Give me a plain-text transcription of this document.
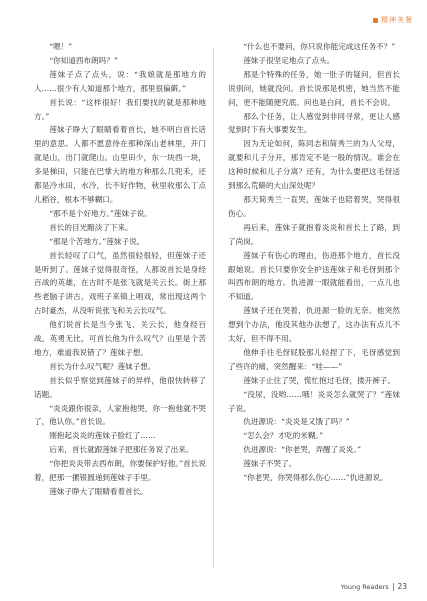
精神美餐

“嗯！”

“你知道西布朗吗？”

莲妹子点了点头，说：“我娘就是那地方的人……很少有人知道那个地方，那里很偏僻。”

首长说：“这样很好！我们要找的就是那种地方。”

莲妹子睁大了眼睛看着首长，她不明白首长话里的意思。人都不愿意待在那种深山老林里，开门就是山，出门就爬山。山里田少，东一块西一块，多是梯田，只能在巴掌大的地方种那么几兜禾，还都是冷水田，水冷，长不好作物，秋里收那么丁点儿稻谷，根本不够糊口。

“那不是个好地方。”莲妹子说。

首长的目光黯淡了下来。

“那是个苦地方。”莲妹子说。

首长轻叹了口气，虽然很轻很轻，但莲妹子还是听到了。莲妹子觉得很奇怪，人都说首长是身经百战的英雄，在古时不是张飞就是关云长。街上那些老脑子讲古，戏班子来镇上唱戏，常出现这两个古时豪杰，从没听说张飞和关云长叹气。

他们说首长是当今张飞、关云长，他身经百战，英勇无比，可首长他为什么叹气？山里是个苦地方，难道我说错了？莲妹子想。

首长为什么叹气呢？莲妹子想。

首长似乎察觉到莲妹子的异样，他很快转移了话题。

“炎炎跟你很亲，人家抱他哭，你一抱他就不哭了，他认你。”首长说。

刚抱起炎炎的莲妹子脸红了……

后来，首长就跟莲妹子把那任务说了出来。

“你把炎炎带去西布朗，你要保护好他。”首长说着，把那一摞银圆递到莲妹子手里。

莲妹子睁大了眼睛看着首长。

“什么也不要问，你只说你能完成这任务不？”

莲妹子很坚定地点了点头。

那是个特殊的任务，她一肚子的疑问，但首长说别问，她就没问。首长说那是机密，她当然不能问，更不能随便究底。问也是白问，首长不会说。

那么个任务，让人感觉到非同寻常，更让人感觉到时下有大事要发生。

因为无论如何，陈同志和简秀兰的为人父母，就要和儿子分开，那肯定不是一般的情况。谁会在这种时候和儿子分离？还有，为什么要把这毛伢送到那么荒僻的大山深处呢？

那天简秀兰一直哭，莲妹子也陪着哭，哭得很伤心。

再后来，莲妹子就抱着炎炎和首长上了路，到了尚岗。

莲妹子有伤心的理由，伤进那个地方，首长没跟她说。首长只要你安全护送莲妹子和毛伢到那个叫西布朗的地方。仇进源一眼就能看出，一点儿也不知道。

莲妹子还在哭着，仇进源一脸的无奈。他突然想到个办法，他没其他办法想了，这办法有点儿不太好，但不得不用。

他伸手往毛伢屁股那儿轻捏了下，毛伢感觉到了些许的痛，突然醒来：“哇——”

莲妹子止住了哭，慌忙抱过毛伢，搂开裤子。

“没尿，没哟……哦！炎炎怎么就哭了？”莲妹子说。

仇进源说：“炎炎是又饿了吗？”

“怎么会？才吃的米糊。”

仇进源说：“你老哭，弄醒了炎炎。”

莲妹子不哭了。

“你老哭，你哭得那么伤心……”仇进源说。

Young Readers 23
